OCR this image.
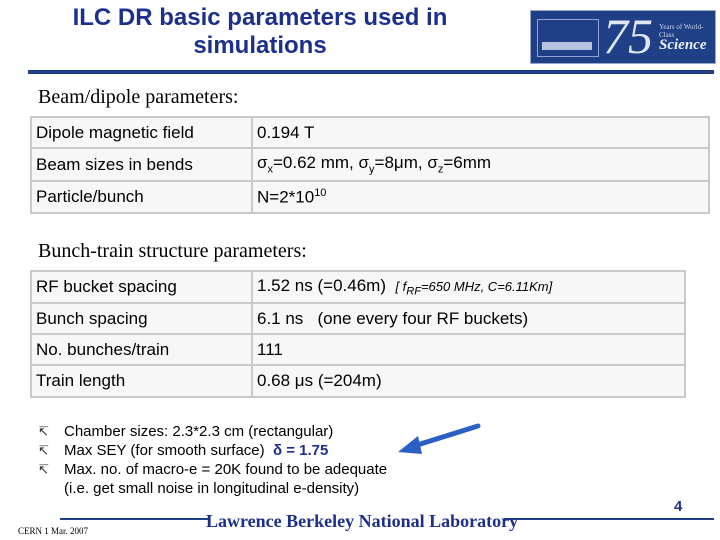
ILC DR basic parameters used in
simulations	75 Years of World-Class
Science
Beam/dipole parameters:
Dipole magnetic field	0.194 T
Beam sizes in bends	$\sigma_x=0.62$ mm, $\sigma_y=8\mu m$, $\sigma_z=6mm$
Particle/bunch	$N=2*10^{10}$
Bunch-train structure parameters:
RF bucket spacing	1.52 ns (=0.46m) [ $f_{RF}=650$ MHz, C=6.11Km]
Bunch spacing	6.1 ns   (one every four RF buckets)
No. bunches/train	111
Train length	0.68 μs (=204m)
↸	Chamber sizes: 2.3*2.3 cm (rectangular)
↸	Max SEY (for smooth surface) δ = 1.75
↸	Max. no. of macro-e = 20K found to be adequate
(i.e. get small noise in longitudinal e-density)
Lawrence Berkeley National Laboratory
CERN 1 Mar. 2007
4
